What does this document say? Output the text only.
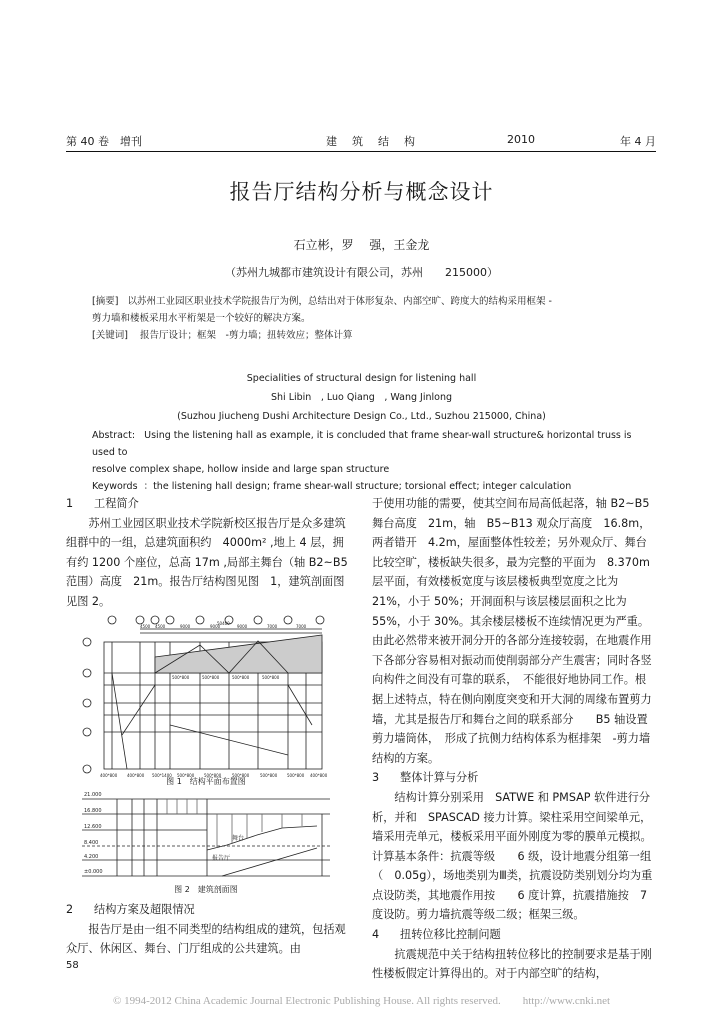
第 40 卷　增刊	建　筑　结　构	2010	年 4 月
报告厅结构分析与概念设计
石立彬，罗　 强，王金龙
（苏州九城都市建筑设计有限公司，苏州　　215000）
[摘要] 以苏州工业园区职业技术学院报告厅为例，总结出对于体形复杂、内部空旷、跨度大的结构采用框架 -
剪力墙和楼板采用水平桁架是一个较好的解决方案。
[关键词] 报告厅设计；框架　-剪力墙；扭转效应；整体计算
Specialities of structural design for listening hall
Shi Libin　, Luo Qiang　, Wang Jinlong
(Suzhou Jiucheng Dushi Architecture Design Co., Ltd., Suzhou 215000, China)
Abstract: Using the listening hall as example, it is concluded that frame shear-wall structure& horizontal truss is used to
resolve complex shape, hollow inside and large span structure
Keywords ：the listening hall design; frame shear-wall structure; torsional effect; integer calculation

1 工程简介

苏州工业园区职业技术学院新校区报告厅是众多建筑组群中的一组，总建筑面积约　4000m² ,地上 4 层，拥有约 1200 个座位，总高 17m ,局部主舞台（轴 B2~B5 范围）高度　21m。报告厅结构图见图　1，建筑剖面图见图 2。

4500 4500	9000	9000	9000	7000	7000
50400
500*800	500*800	500*800	500*800
400*800 400*800 500*1400 500*800 500*800	500*800	500*800 500*800 400*800
图 1　结构平面布置图
21.000
16.800
12.600
8.400
4.200
±0.000
舞台
报告厅
图 2　建筑剖面图

2 结构方案及超限情况

报告厅是由一组不同类型的结构组成的建筑，包括观众厅、休闲区、舞台、门厅组成的公共建筑。由

58

于使用功能的需要，使其空间布局高低起落，轴 B2~B5 舞台高度　21m，轴　B5~B13 观众厅高度　16.8m，两者错开　4.2m，屋面整体性较差；另外观众厅、舞台比较空旷，楼板缺失很多，最为完整的平面为　8.370m 层平面，有效楼板宽度与该层楼板典型宽度之比为　　21%，小于 50%；开洞面积与该层楼层面积之比为　55%，小于 30%。其余楼层楼板不连续情况更为严重。由此必然带来被开洞分开的各部分连接较弱，在地震作用下各部分容易相对振动而使削弱部分产生震害；同时各竖向构件之间没有可靠的联系，　不能很好地协同工作。根据上述特点，特在侧向刚度突变和开大洞的周缘布置剪力墙，尤其是报告厅和舞台之间的联系部分　　B5 轴设置剪力墙筒体，　形成了抗侧力结构体系为框排架　-剪力墙结构的方案。

3 整体计算与分析

结构计算分别采用　SATWE 和 PMSAP 软件进行分析，并和　SPASCAD 接力计算。梁柱采用空间梁单元，墙采用壳单元，楼板采用平面外刚度为零的膜单元模拟。计算基本条件：抗震等级　　6 级，设计地震分组第一组（　0.05g），场地类别为Ⅲ类，抗震设防类别划分均为重点设防类，其地震作用按　　6 度计算，抗震措施按　7 度设防。剪力墙抗震等级二级；框架三级。

4 扭转位移比控制问题

抗震规范中关于结构扭转位移比的控制要求是基于刚性楼板假定计算得出的。对于内部空旷的结构，

© 1994-2012 China Academic Journal Electronic Publishing House. All rights reserved.　　http://www.cnki.net
